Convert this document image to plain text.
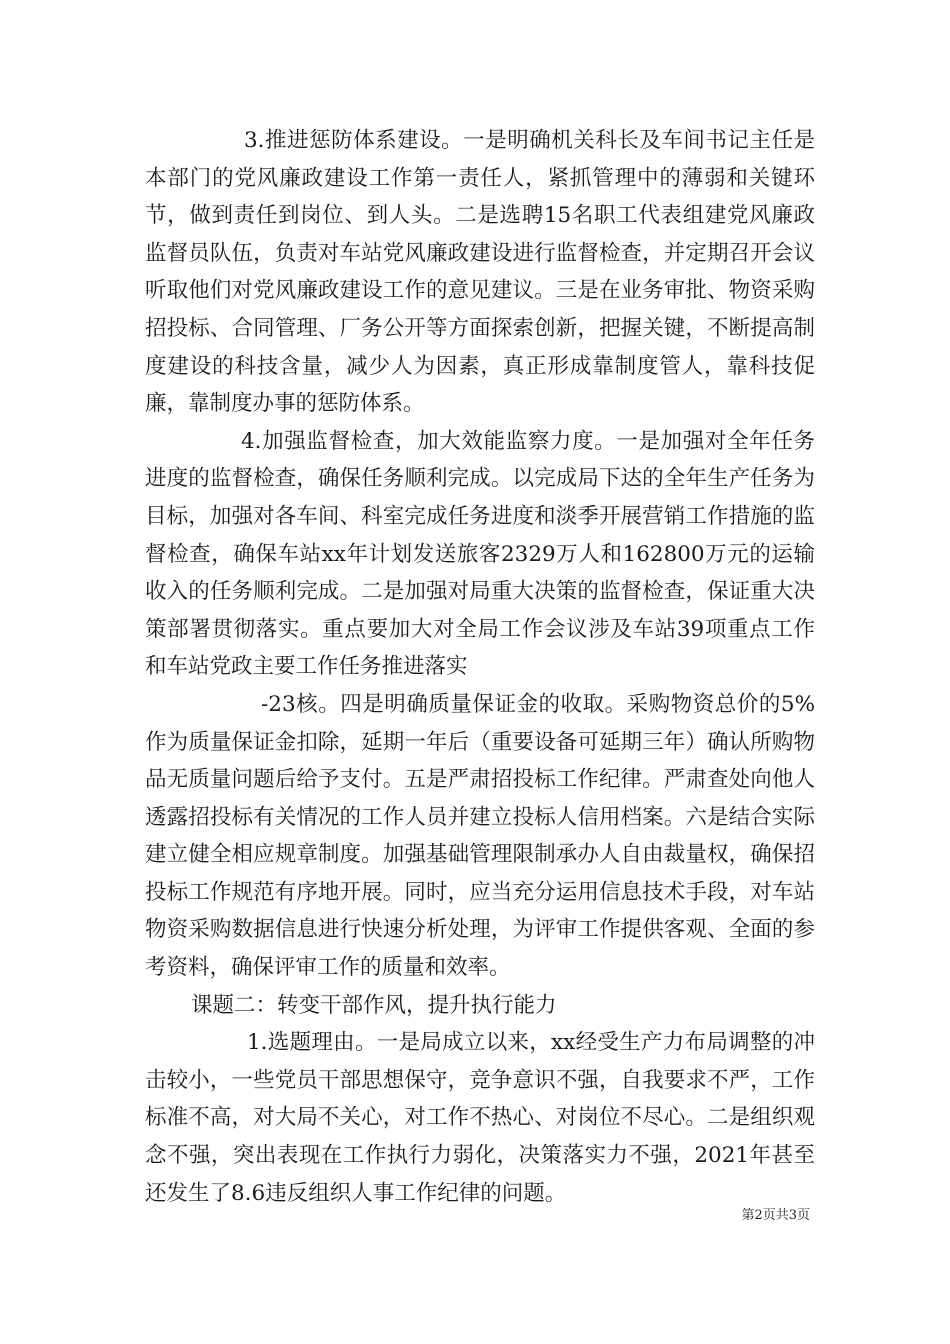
3.推进惩防体系建设。一是明确机关科长及车间书记主任是本部门的党风廉政建设工作第一责任人，紧抓管理中的薄弱和关键环节，做到责任到岗位、到人头。二是选聘15名职工代表组建党风廉政监督员队伍，负责对车站党风廉政建设进行监督检查，并定期召开会议听取他们对党风廉政建设工作的意见建议。三是在业务审批、物资采购招投标、合同管理、厂务公开等方面探索创新，把握关键，不断提高制度建设的科技含量，减少人为因素，真正形成靠制度管人，靠科技促廉，靠制度办事的惩防体系。

4.加强监督检查，加大效能监察力度。一是加强对全年任务进度的监督检查，确保任务顺利完成。以完成局下达的全年生产任务为目标，加强对各车间、科室完成任务进度和淡季开展营销工作措施的监督检查，确保车站xx年计划发送旅客2329万人和162800万元的运输收入的任务顺利完成。二是加强对局重大决策的监督检查，保证重大决策部署贯彻落实。重点要加大对全局工作会议涉及车站39项重点工作和车站党政主要工作任务推进落实

-23核。四是明确质量保证金的收取。采购物资总价的5%作为质量保证金扣除，延期一年后（重要设备可延期三年）确认所购物品无质量问题后给予支付。五是严肃招投标工作纪律。严肃查处向他人透露招投标有关情况的工作人员并建立投标人信用档案。六是结合实际建立健全相应规章制度。加强基础管理限制承办人自由裁量权，确保招投标工作规范有序地开展。同时，应当充分运用信息技术手段，对车站物资采购数据信息进行快速分析处理，为评审工作提供客观、全面的参考资料，确保评审工作的质量和效率。

课题二：转变干部作风，提升执行能力

1.选题理由。一是局成立以来，xx经受生产力布局调整的冲击较小，一些党员干部思想保守，竞争意识不强，自我要求不严，工作标准不高，对大局不关心，对工作不热心、对岗位不尽心。二是组织观念不强，突出表现在工作执行力弱化，决策落实力不强，2021年甚至还发生了8.6违反组织人事工作纪律的问题。

第2页共3页
